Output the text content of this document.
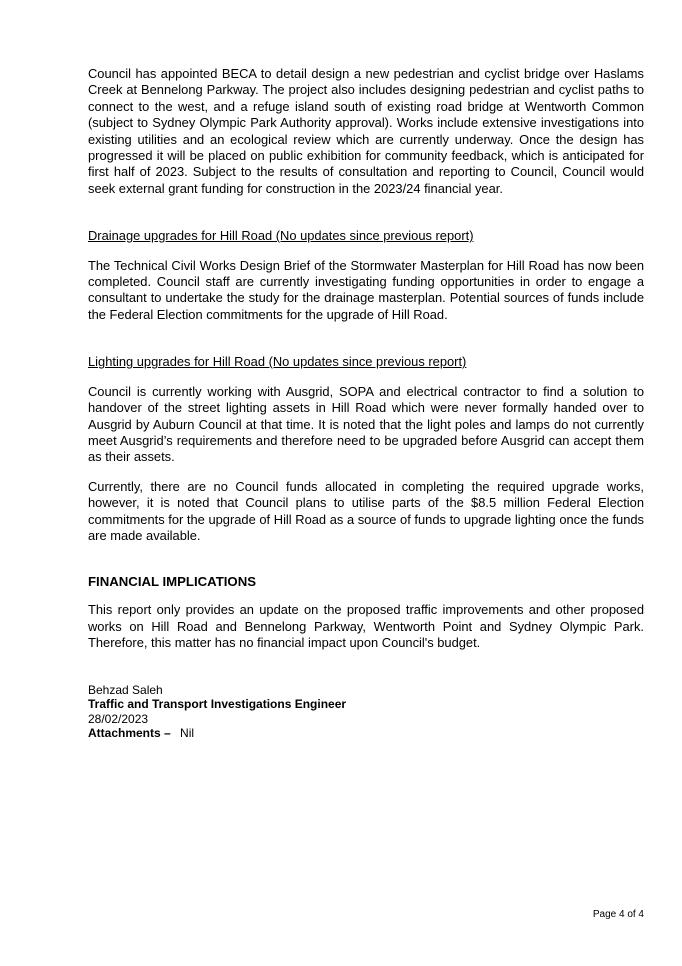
Council has appointed BECA to detail design a new pedestrian and cyclist bridge over Haslams Creek at Bennelong Parkway. The project also includes designing pedestrian and cyclist paths to connect to the west, and a refuge island south of existing road bridge at Wentworth Common (subject to Sydney Olympic Park Authority approval). Works include extensive investigations into existing utilities and an ecological review which are currently underway. Once the design has progressed it will be placed on public exhibition for community feedback, which is anticipated for first half of 2023. Subject to the results of consultation and reporting to Council, Council would seek external grant funding for construction in the 2023/24 financial year.

Drainage upgrades for Hill Road (No updates since previous report)

The Technical Civil Works Design Brief of the Stormwater Masterplan for Hill Road has now been completed. Council staff are currently investigating funding opportunities in order to engage a consultant to undertake the study for the drainage masterplan. Potential sources of funds include the Federal Election commitments for the upgrade of Hill Road.

Lighting upgrades for Hill Road (No updates since previous report)

Council is currently working with Ausgrid, SOPA and electrical contractor to find a solution to handover of the street lighting assets in Hill Road which were never formally handed over to Ausgrid by Auburn Council at that time. It is noted that the light poles and lamps do not currently meet Ausgrid’s requirements and therefore need to be upgraded before Ausgrid can accept them as their assets.

Currently, there are no Council funds allocated in completing the required upgrade works, however, it is noted that Council plans to utilise parts of the $8.5 million Federal Election commitments for the upgrade of Hill Road as a source of funds to upgrade lighting once the funds are made available.

FINANCIAL IMPLICATIONS

This report only provides an update on the proposed traffic improvements and other proposed works on Hill Road and Bennelong Parkway, Wentworth Point and Sydney Olympic Park. Therefore, this matter has no financial impact upon Council's budget.

Behzad Saleh
Traffic and Transport Investigations Engineer
28/02/2023
Attachments – Nil
Page 4 of 4
